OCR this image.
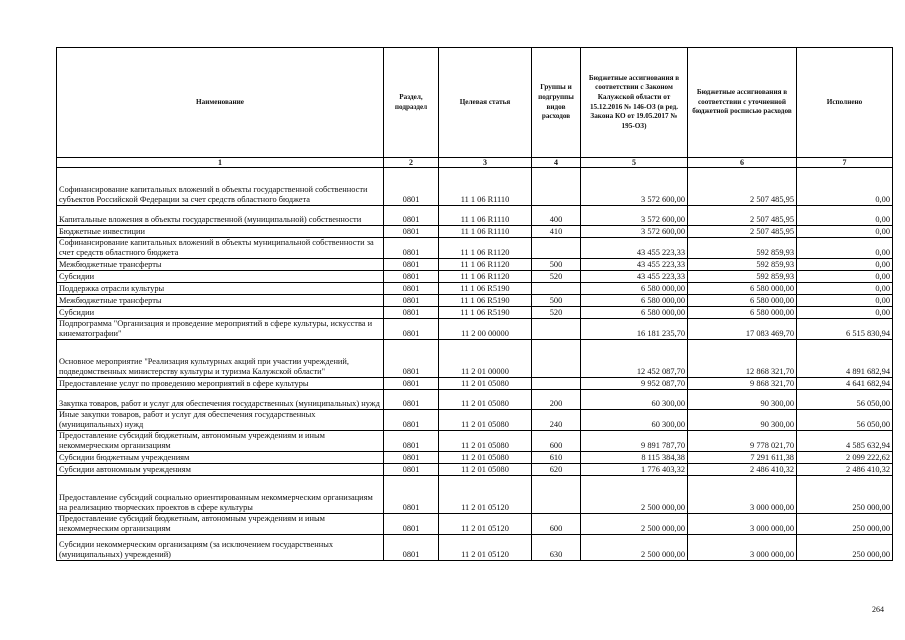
Наименование	Раздел, подраздел	Целевая статья	Группы и подгруппы видов расходов	Бюджетные ассигнования в соответствии с Законом Калужской области от 15.12.2016 № 146-ОЗ (в ред. Закона КО от 19.05.2017 № 195-ОЗ)	Бюджетные ассигнования в соответствии с уточненной бюджетной росписью расходов	Исполнено
1	2	3	4	5	6	7
Софинансирование капитальных вложений в объекты государственной собственности субъектов Российской Федерации за счет средств областного бюджета	0801	11 1 06 R1110		3 572 600,00	2 507 485,95	0,00
Капитальные вложения в объекты государственной (муниципальной) собственности	0801	11 1 06 R1110	400	3 572 600,00	2 507 485,95	0,00
Бюджетные инвестиции	0801	11 1 06 R1110	410	3 572 600,00	2 507 485,95	0,00
Софинансирование капитальных вложений в объекты муниципальной собственности за счет средств областного бюджета	0801	11 1 06 R1120		43 455 223,33	592 859,93	0,00
Межбюджетные трансферты	0801	11 1 06 R1120	500	43 455 223,33	592 859,93	0,00
Субсидии	0801	11 1 06 R1120	520	43 455 223,33	592 859,93	0,00
Поддержка отрасли культуры	0801	11 1 06 R5190		6 580 000,00	6 580 000,00	0,00
Межбюджетные трансферты	0801	11 1 06 R5190	500	6 580 000,00	6 580 000,00	0,00
Субсидии	0801	11 1 06 R5190	520	6 580 000,00	6 580 000,00	0,00
Подпрограмма "Организация и проведение мероприятий в сфере культуры, искусства и кинематографии"	0801	11 2 00 00000		16 181 235,70	17 083 469,70	6 515 830,94
Основное мероприятие "Реализация культурных акций при участии учреждений, подведомственных министерству культуры и туризма Калужской области"	0801	11 2 01 00000		12 452 087,70	12 868 321,70	4 891 682,94
Предоставление услуг по проведению мероприятий в сфере культуры	0801	11 2 01 05080		9 952 087,70	9 868 321,70	4 641 682,94
Закупка товаров, работ и услуг для обеспечения государственных (муниципальных) нужд	0801	11 2 01 05080	200	60 300,00	90 300,00	56 050,00
Иные закупки товаров, работ и услуг для обеспечения государственных (муниципальных) нужд	0801	11 2 01 05080	240	60 300,00	90 300,00	56 050,00
Предоставление субсидий бюджетным, автономным учреждениям и иным некоммерческим организациям	0801	11 2 01 05080	600	9 891 787,70	9 778 021,70	4 585 632,94
Субсидии бюджетным учреждениям	0801	11 2 01 05080	610	8 115 384,38	7 291 611,38	2 099 222,62
Субсидии автономным учреждениям	0801	11 2 01 05080	620	1 776 403,32	2 486 410,32	2 486 410,32
Предоставление субсидий социально ориентированным некоммерческим организациям на реализацию творческих проектов в сфере культуры	0801	11 2 01 05120		2 500 000,00	3 000 000,00	250 000,00
Предоставление субсидий бюджетным, автономным учреждениям и иным некоммерческим организациям	0801	11 2 01 05120	600	2 500 000,00	3 000 000,00	250 000,00
Субсидии некоммерческим организациям (за исключением государственных (муниципальных) учреждений)	0801	11 2 01 05120	630	2 500 000,00	3 000 000,00	250 000,00
264
